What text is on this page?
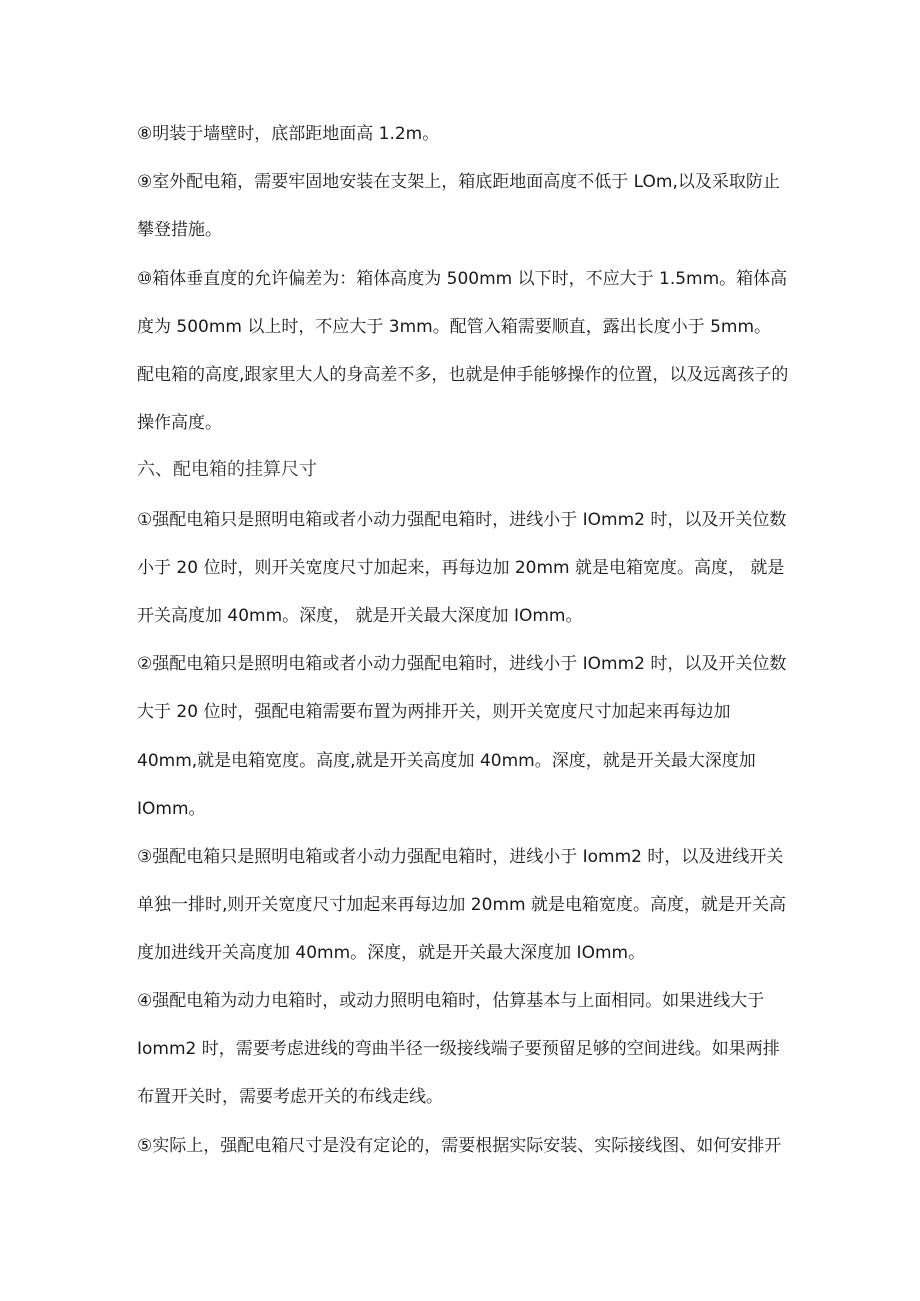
⑧明装于墙壁时，底部距地面高 1.2m。
⑨室外配电箱，需要牢固地安装在支架上，箱底距地面高度不低于 LOm,以及采取防止
攀登措施。
⑩箱体垂直度的允许偏差为：箱体高度为 500mm 以下时，不应大于 1.5mm。箱体高
度为 500mm 以上时，不应大于 3mm。配管入箱需要顺直，露出长度小于 5mm。
配电箱的高度,跟家里大人的身高差不多，也就是伸手能够操作的位置，以及远离孩子的
操作高度。
六、配电箱的挂算尺寸
①强配电箱只是照明电箱或者小动力强配电箱时，进线小于 IOmm2 时，以及开关位数
小于 20 位时，则开关宽度尺寸加起来，再每边加 20mm 就是电箱宽度。高度， 就是
开关高度加 40mm。深度， 就是开关最大深度加 IOmm。
②强配电箱只是照明电箱或者小动力强配电箱时，进线小于 IOmm2 时，以及开关位数
大于 20 位时，强配电箱需要布置为两排开关，则开关宽度尺寸加起来再每边加
40mm,就是电箱宽度。高度,就是开关高度加 40mm。深度，就是开关最大深度加
IOmm。
③强配电箱只是照明电箱或者小动力强配电箱时，进线小于 Iomm2 时，以及进线开关
单独一排时,则开关宽度尺寸加起来再每边加 20mm 就是电箱宽度。高度，就是开关高
度加进线开关高度加 40mm。深度，就是开关最大深度加 IOmm。
④强配电箱为动力电箱时，或动力照明电箱时，估算基本与上面相同。如果进线大于
Iomm2 时，需要考虑进线的弯曲半径一级接线端子要预留足够的空间进线。如果两排
布置开关时，需要考虑开关的布线走线。
⑤实际上，强配电箱尺寸是没有定论的，需要根据实际安装、实际接线图、如何安排开
